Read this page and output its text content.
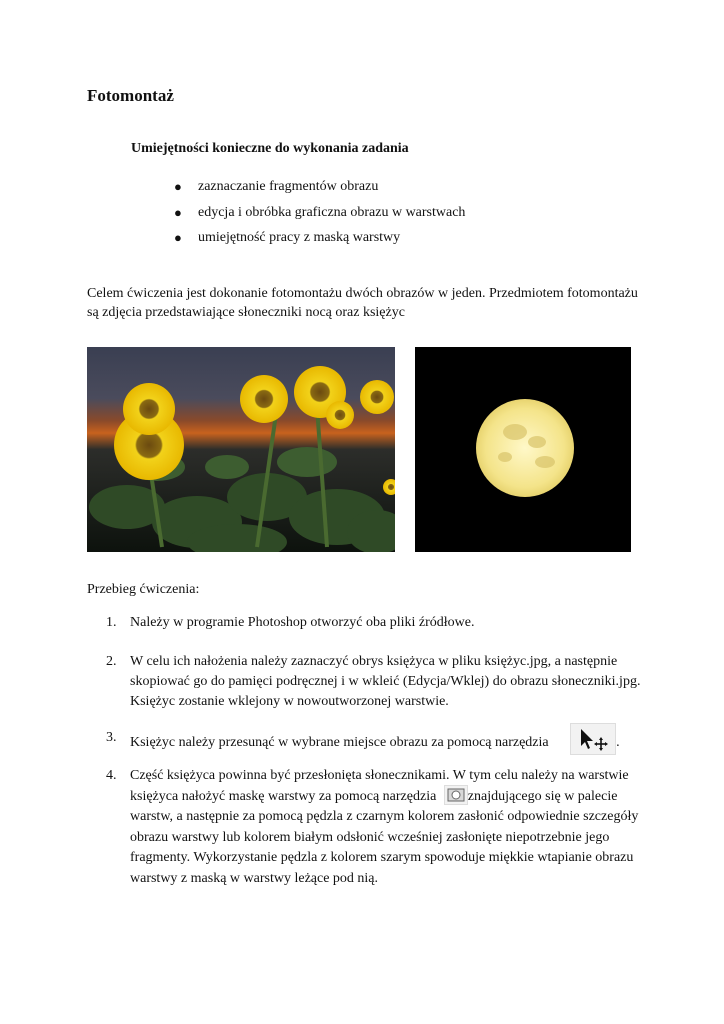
Fotomontaż
Umiejętności konieczne do wykonania zadania
●	zaznaczanie fragmentów obrazu
●	edycja i obróbka graficzna obrazu w warstwach
●	umiejętność pracy z maską warstwy

Celem ćwiczenia jest dokonanie fotomontażu dwóch obrazów w jeden. Przedmiotem fotomontażu są zdjęcia przedstawiające słoneczniki nocą oraz księżyc

Przebieg ćwiczenia:

1. Należy w programie Photoshop otworzyć oba pliki źródłowe.
2. W celu ich nałożenia należy zaznaczyć obrys księżyca w pliku księżyc.jpg, a następnie skopiować go do pamięci podręcznej i w wkleić (Edycja/Wklej) do obrazu słoneczniki.jpg. Księżyc zostanie wklejony w nowoutworzonej warstwie.
3. Księżyc należy przesunąć w wybrane miejsce obrazu za pomocą narzędzia	.
4. Część księżyca powinna być przesłonięta słonecznikami. W tym celu należy na warstwie księżyca nałożyć maskę warstwy za pomocą narzędzia znajdującego się w palecie warstw, a następnie za pomocą pędzla z czarnym kolorem zasłonić odpowiednie szczegóły obrazu warstwy lub kolorem białym odsłonić wcześniej zasłonięte niepotrzebnie jego fragmenty. Wykorzystanie pędzla z kolorem szarym spowoduje miękkie wtapianie obrazu warstwy z maską w warstwy leżące pod nią.
